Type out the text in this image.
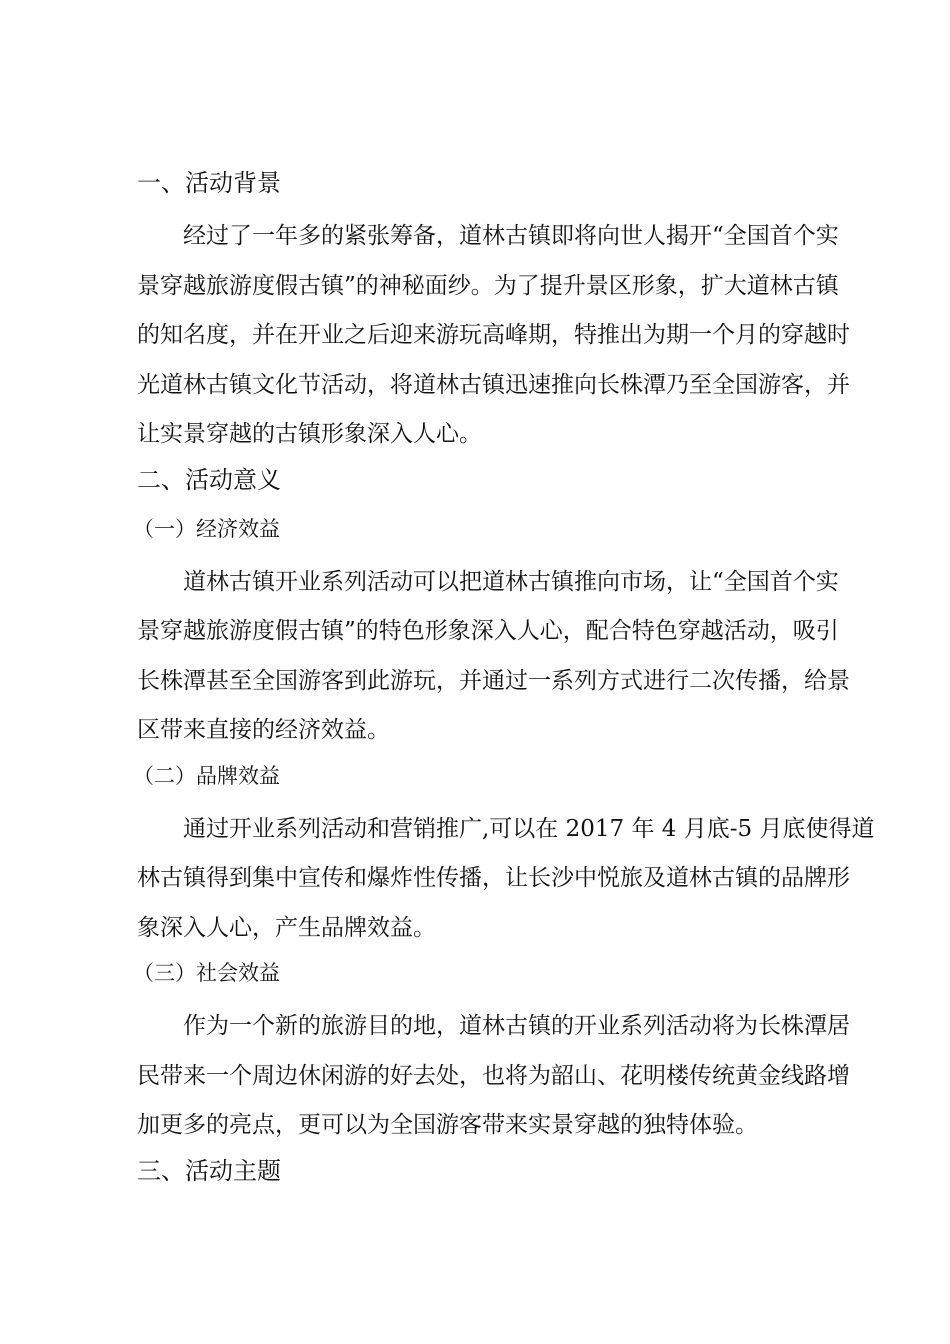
一、活动背景
经过了一年多的紧张筹备，道林古镇即将向世人揭开“全国首个实
景穿越旅游度假古镇”的神秘面纱。为了提升景区形象，扩大道林古镇
的知名度，并在开业之后迎来游玩高峰期，特推出为期一个月的穿越时
光道林古镇文化节活动，将道林古镇迅速推向长株潭乃至全国游客，并
让实景穿越的古镇形象深入人心。
二、活动意义
（一）经济效益
道林古镇开业系列活动可以把道林古镇推向市场，让“全国首个实
景穿越旅游度假古镇”的特色形象深入人心，配合特色穿越活动，吸引
长株潭甚至全国游客到此游玩，并通过一系列方式进行二次传播，给景
区带来直接的经济效益。
（二）品牌效益
通过开业系列活动和营销推广,可以在 2017 年 4 月底-5 月底使得道
林古镇得到集中宣传和爆炸性传播，让长沙中悦旅及道林古镇的品牌形
象深入人心，产生品牌效益。
（三）社会效益
作为一个新的旅游目的地，道林古镇的开业系列活动将为长株潭居
民带来一个周边休闲游的好去处，也将为韶山、花明楼传统黄金线路增
加更多的亮点，更可以为全国游客带来实景穿越的独特体验。
三、活动主题
